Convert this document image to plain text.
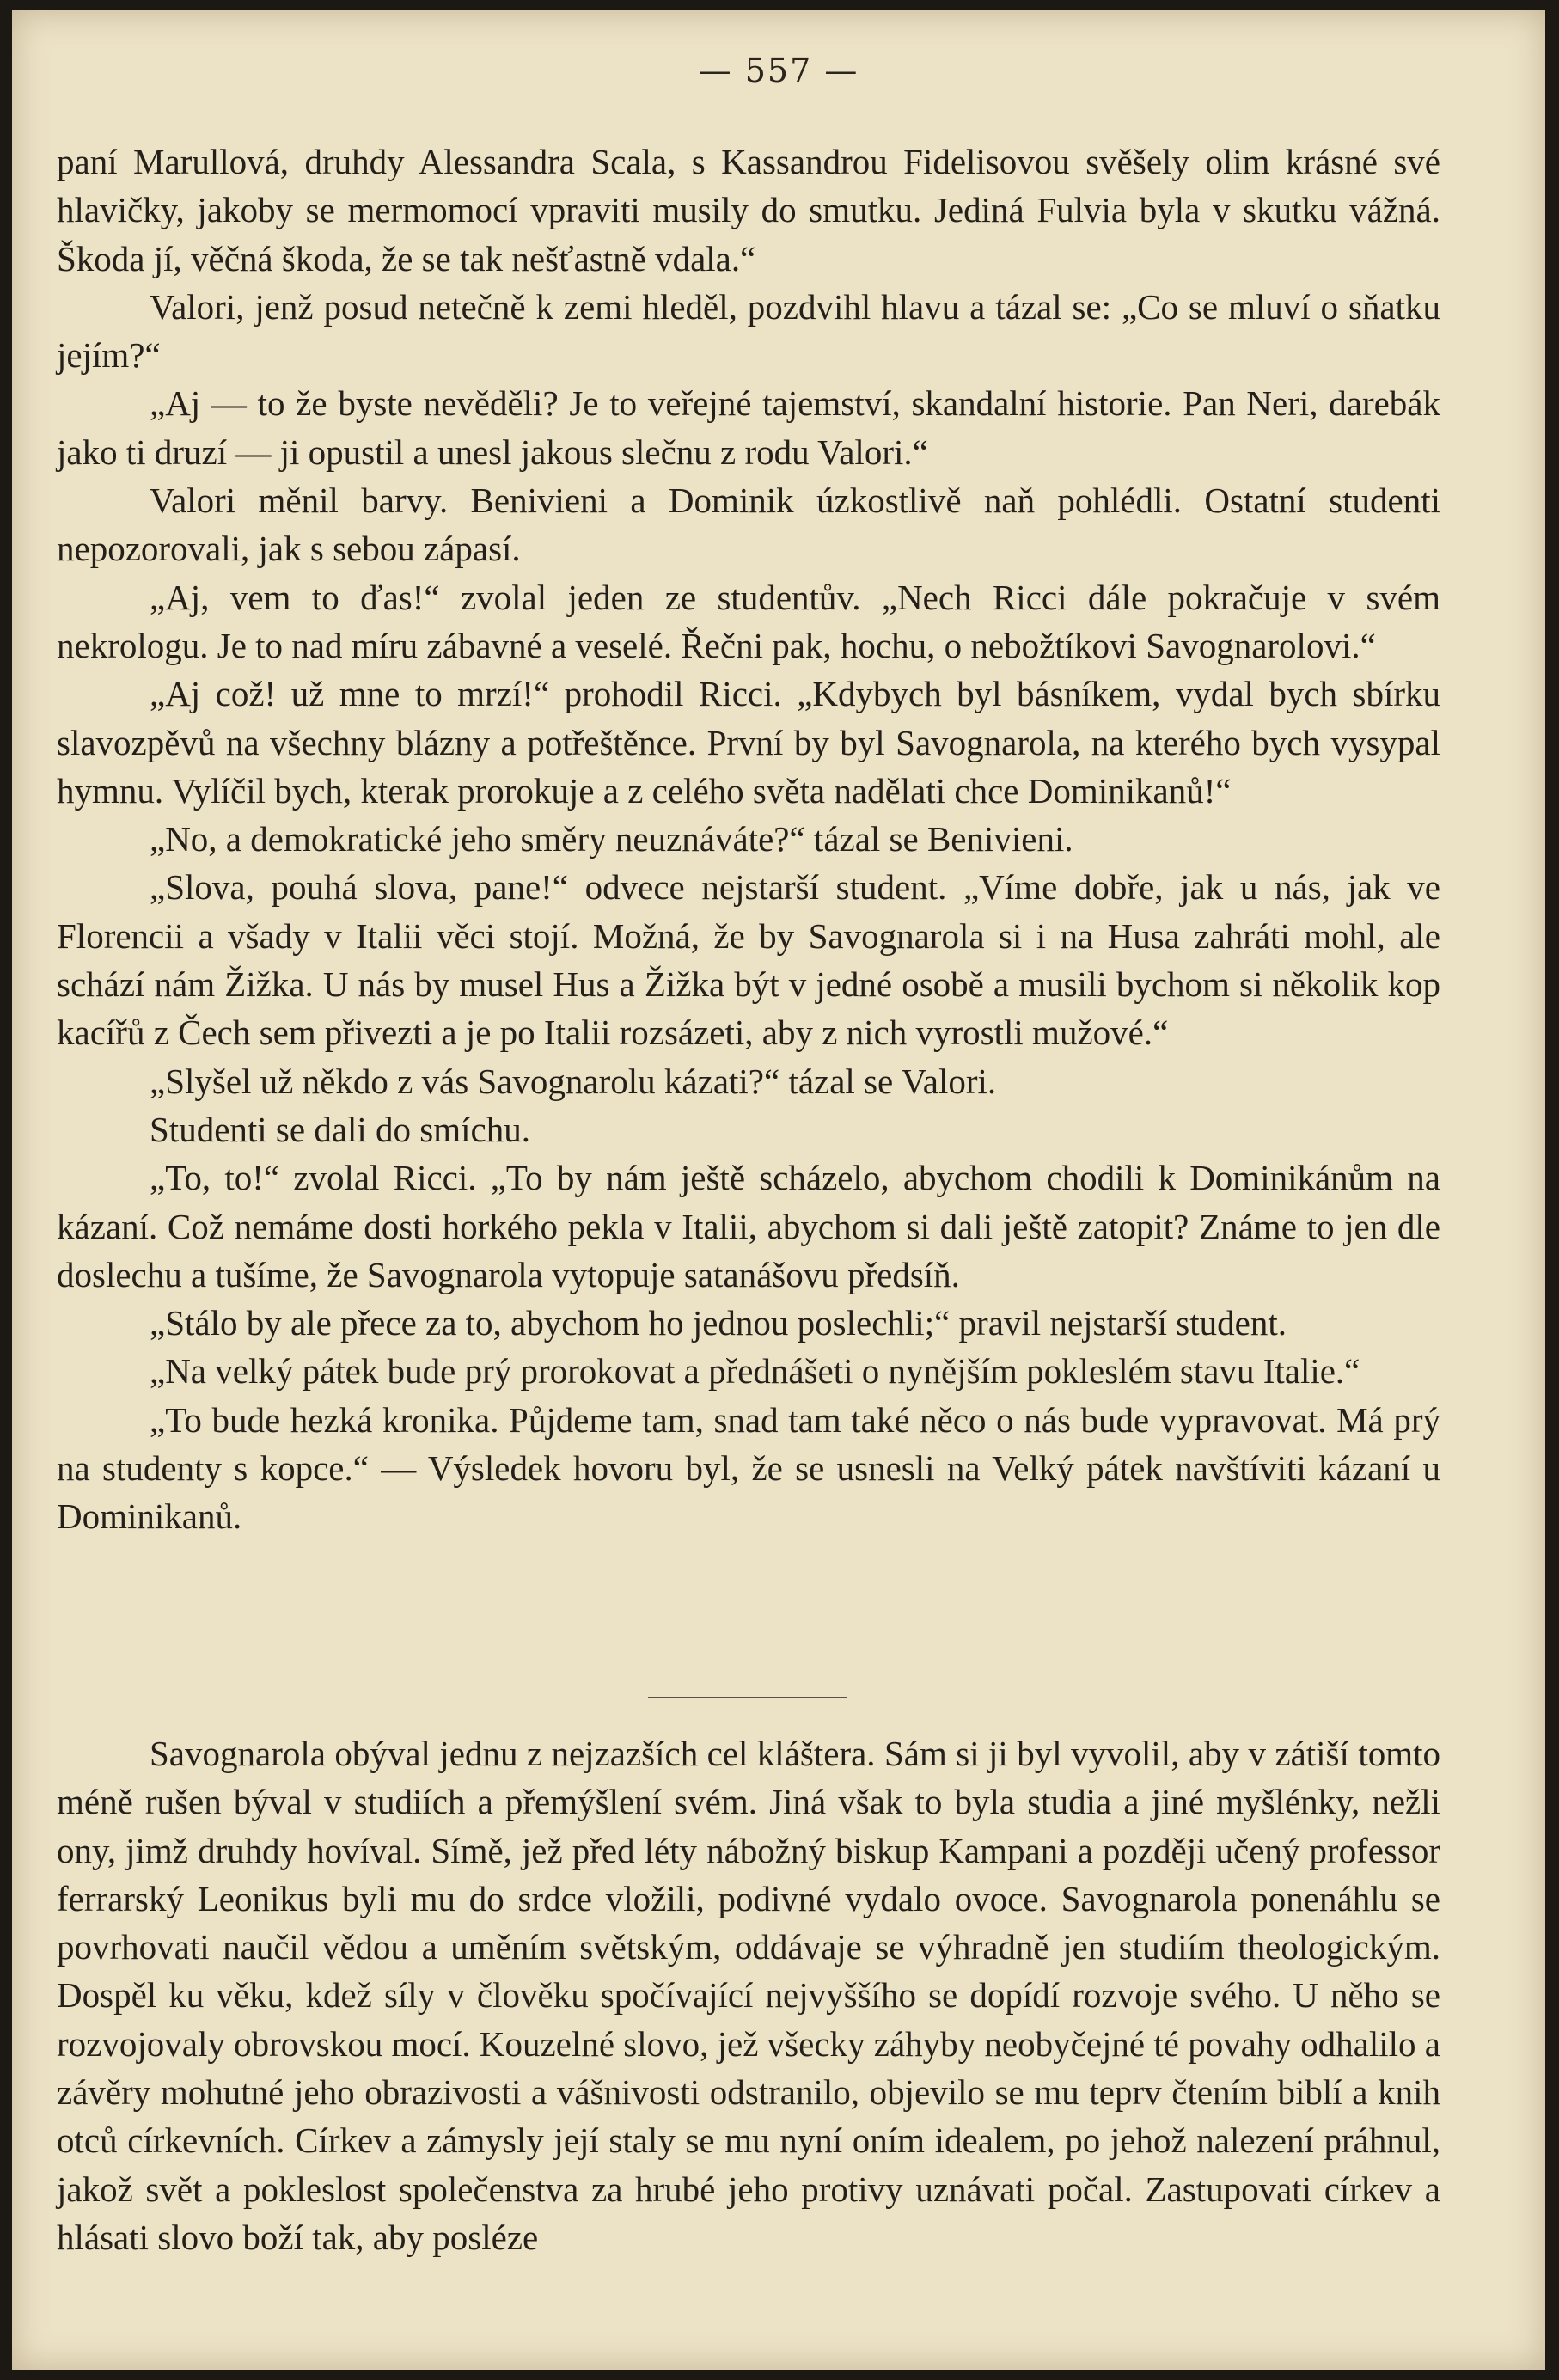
— 557 —

paní Marullová, druhdy Alessandra Scala, s Kassandrou Fidelisovou svěšely olim krásné své hlavičky, jakoby se mermomocí vpraviti musily do smutku. Jediná Fulvia byla v skutku vážná. Škoda jí, věčná škoda, že se tak nešťastně vdala.“

Valori, jenž posud netečně k zemi hleděl, pozdvihl hlavu a tázal se: „Co se mluví o sňatku jejím?“

„Aj — to že byste nevěděli? Je to veřejné tajemství, skandalní historie. Pan Neri, darebák jako ti druzí — ji opustil a unesl jakous slečnu z rodu Valori.“

Valori měnil barvy. Benivieni a Dominik úzkostlivě naň pohlédli. Ostatní studenti nepozorovali, jak s sebou zápasí.

„Aj, vem to ďas!“ zvolal jeden ze studentův. „Nech Ricci dále pokračuje v svém nekrologu. Je to nad míru zábavné a veselé. Řečni pak, hochu, o nebožtíkovi Savognarolovi.“

„Aj což! už mne to mrzí!“ prohodil Ricci. „Kdybych byl básníkem, vydal bych sbírku slavozpěvů na všechny blázny a potřeštěnce. První by byl Savognarola, na kterého bych vysypal hymnu. Vylíčil bych, kterak prorokuje a z celého světa nadělati chce Dominikanů!“

„No, a demokratické jeho směry neuznáváte?“ tázal se Benivieni.

„Slova, pouhá slova, pane!“ odvece nejstarší student. „Víme dobře, jak u nás, jak ve Florencii a všady v Italii věci stojí. Možná, že by Savognarola si i na Husa zahráti mohl, ale schází nám Žižka. U nás by musel Hus a Žižka být v jedné osobě a musili bychom si několik kop kacířů z Čech sem přivezti a je po Italii rozsázeti, aby z nich vyrostli mužové.“

„Slyšel už někdo z vás Savognarolu kázati?“ tázal se Valori.

Studenti se dali do smíchu.

„To, to!“ zvolal Ricci. „To by nám ještě scházelo, abychom chodili k Dominikánům na kázaní. Což nemáme dosti horkého pekla v Italii, abychom si dali ještě zatopit? Známe to jen dle doslechu a tušíme, že Savognarola vytopuje satanášovu předsíň.

„Stálo by ale přece za to, abychom ho jednou poslechli;“ pravil nejstarší student.

„Na velký pátek bude prý prorokovat a přednášeti o nynějším pokleslém stavu Italie.“

„To bude hezká kronika. Půjdeme tam, snad tam také něco o nás bude vypravovat. Má prý na studenty s kopce.“ — Výsledek hovoru byl, že se usnesli na Velký pátek navštíviti kázaní u Dominikanů.

Savognarola obýval jednu z nejzazších cel kláštera. Sám si ji byl vyvolil, aby v zátiší tomto méně rušen býval v studiích a přemýšlení svém. Jiná však to byla studia a jiné myšlénky, nežli ony, jimž druhdy hovíval. Símě, jež před léty nábožný biskup Kampani a později učený professor ferrarský Leonikus byli mu do srdce vložili, podivné vydalo ovoce. Savognarola ponenáhlu se povrhovati naučil vědou a uměním světským, oddávaje se výhradně jen studiím theologickým. Dospěl ku věku, kdež síly v člověku spočívající nejvyššího se dopídí rozvoje svého. U něho se rozvojovaly obrovskou mocí. Kouzelné slovo, jež všecky záhyby neobyčejné té povahy odhalilo a závěry mohutné jeho obrazivosti a vášnivosti odstranilo, objevilo se mu teprv čtením biblí a knih otců církevních. Církev a zámysly její staly se mu nyní oním idealem, po jehož nalezení práhnul, jakož svět a pokleslost společenstva za hrubé jeho protivy uznávati počal. Zastupovati církev a hlásati slovo boží tak, aby posléze
